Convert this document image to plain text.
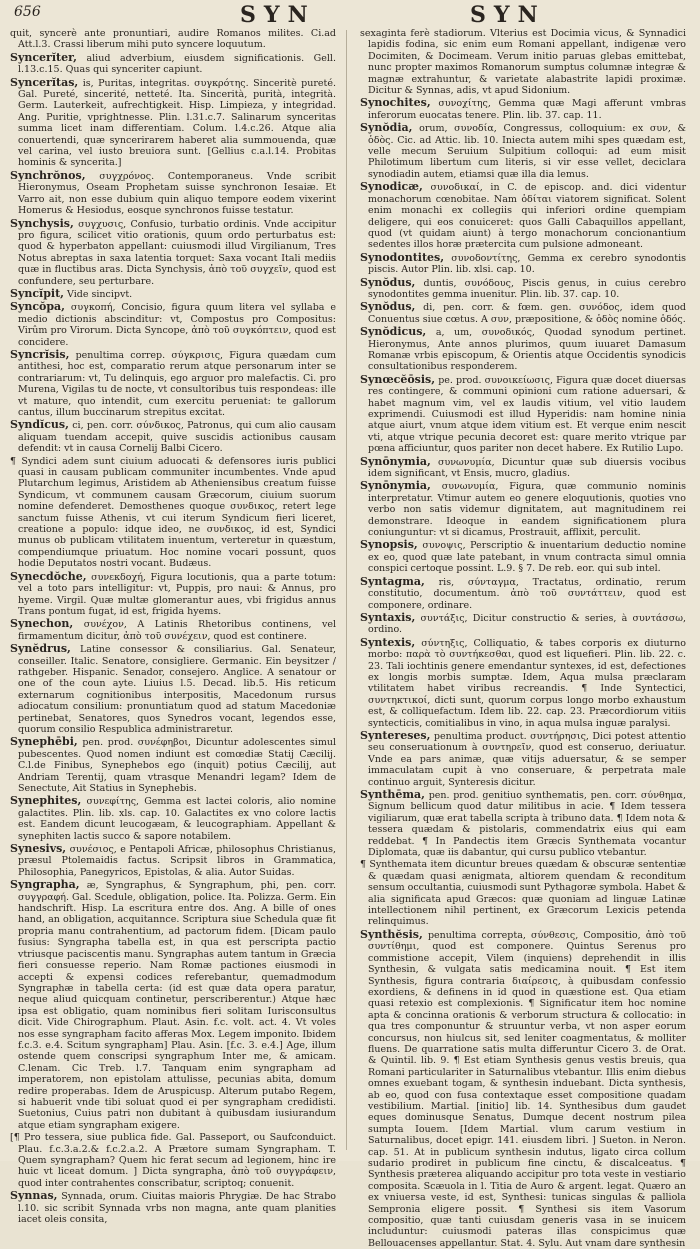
656	SYN	SYN

quit, syncerè ante pronuntiari, audire Romanos milites. Ci.ad Att.l.3. Crassi liberum mihi puto syncere loquutum.

Syncerĭter, aliud adverbium, eiusdem significationis. Gell. l.13.c.15. Quas qui synceriter capiunt.

Syncerĭtas, is, Puritas, integritas. συγκρότης. Sinceritè pureté. Gal. Pureté, sincerité, netteté. Ita. Sincerità, purità, integrità. Germ. Lauterkeit, aufrechtigkeit. Hisp. Limpieza, y integridad. Ang. Puritie, vprightnesse. Plin. l.31.c.7. Salinarum synceritas summa licet inam differentiam. Colum. l.4.c.26. Atque alia conuertendi, quæ syncerirarem haberet alia summouenda, quæ vel carina, vel iusto breuiora sunt. [Gellius c.a.l.14. Probitas hominis & syncerita.]

Synchrŏnos, συγχρόνος. Contemporaneus. Vnde scribit Hieronymus, Oseam Prophetam suisse synchronon Iesaiæ. Et Varro ait, non esse dubium quin aliquo tempore eodem vixerint Homerus & Hesiodus, eosque synchronos fuisse testatur.

Synchysis, συγχυσις, Confusio, turbatio ordinis. Vnde accipitur pro figura, scilicet vitio orationis, quum ordo perturbatus est: quod & hyperbaton appellant: cuiusmodi illud Virgilianum, Tres Notus abreptas in saxa latentia torquet: Saxa vocant Itali mediis quæ in fluctibus aras. Dicta Synchysis, ἀπὸ τοῦ συγχεῖν, quod est confundere, seu perturbare.

Syncĭpit, Vide sincipvt.

Syncŏpa, συγκοπή, Concisio, figura quum litera vel syllaba e medio dictionis abscinditur: vt, Compostus pro Compositus: Virûm pro Virorum. Dicta Syncope, ἀπὸ τοῦ συγκόπτειν, quod est concidere.

Syncrĭsis, penultima correp. σύγκρισις, Figura quædam cum antithesi, hoc est, comparatio rerum atque personarum inter se contrariarum: vt, Tu delinquis, ego arguor pro malefactis. Ci. pro Murena, Vigilas tu de nocte, vt consultoribus tuis respondeas: ille vt mature, quo intendit, cum exercitu perueniat: te gallorum cantus, illum buccinarum strepitus excitat.

Syndĭcus, ci, pen. corr. σύνδικος, Patronus, qui cum alio causam aliquam tuendam accepit, quive suscidis actionibus causam defendit: vt in causa Cornelij Balbi Cicero.

¶ Syndici adem sunt ciuium aduocati & defensores iuris publici quasi in causam publicam communiter incumbentes. Vnde apud Plutarchum legimus, Aristidem ab Atheniensibus creatum fuisse Syndicum, vt communem causam Græcorum, ciuium suorum nomine defenderet. Demosthenes quoque συνδικος, retert lege sanctum fuisse Athenis, vt cui iterum Syndicum fieri liceret, creatione a populo: idque ideo, ne συνδικος, id est, Syndici munus ob publicam vtilitatem inuentum, verteretur in quæstum, compendiumque priuatum. Hoc nomine vocari possunt, quos hodie Deputatos nostri vocant. Budæus.

Synecdŏche, συνεκδοχή, Figura locutionis, qua a parte totum: vel a toto pars intelligitur: vt, Puppis, pro naui: & Annus, pro hyeme. Virgil. Quæ multæ glomerantur aues, vbi frigidus annus Trans pontum fugat, id est, frigida hyems.

Synechon, συνέχον, A Latinis Rhetoribus continens, vel firmamentum dicitur, ἀπὸ τοῦ συνέχειν, quod est continere.

Synĕdrus, Latine consessor & consiliarius. Gal. Senateur, conseiller. Italic. Senatore, consigliere. Germanic. Ein beysitzer / rathgeber. Hispanic. Senador, consejero. Anglice. A senatour or one of the coun ayte. Liuius l.5. Decad. lib.5. His reticum externarum cognitionibus interpositis, Macedonum rursus adiocatum consilium: pronuntiatum quod ad statum Macedoniæ pertinebat, Senatores, quos Synedros vocant, legendos esse, quorum consilio Respublica administraretur.

Synephēbi, pen. prod. συνέφηβοι, Dicuntur adolescentes simul pubescentes. Quod nomen indiunt est comœdiæ Statij Cæcilij. C.l.de Finibus, Synephebos ego (inquit) potius Cæcilij, aut Andriam Terentij, quam vtrasque Menandri legam? Idem de Senectute, Ait Statius in Synephebis.

Synephites, συνεφίτης, Gemma est lactei coloris, alio nomine galactites. Plin. lib. xls. cap. 10. Galactites ex vno colore lactis est. Eandem dicunt leucogæam, & leucographiam. Appellant & synephiten lactis succo & sapore notabilem.

Synesivs, συνέσιος, e Pentapoli Africæ, philosophus Christianus, præsul Ptolemaidis factus. Scripsit libros in Grammatica, Philosophia, Panegyricos, Epistolas, & alia. Autor Suidas.

Syngrapha, æ, Syngraphus, & Syngraphum, phi, pen. corr. συγγραφή. Gal. Scedule, obligation, police. Ita. Polizza. Germ. Ein handschrift. Hisp. La escritura entre dos. Ang. A bille of ones hand, an obligation, acquitannce. Scriptura siue Schedula quæ fit propria manu contrahentium, ad pactorum fidem. [Dicam paulo fusius: Syngrapha tabella est, in qua est perscripta pactio vtriusque paciscentis manu. Syngraphas autem tantum in Græcia fieri consuesse reperio. Nam Romæ pactiones eiusmodi in accepti & expensi codices referebantur, quemadmodum Syngraphæ in tabella certa: (id est quæ data opera paratur, neque aliud quicquam continetur, perscriberentur.) Atque hæc ipsa est obligatio, quam nominibus fieri solitam Iurisconsultus dicit. Vide Chirographum. Plaut. Asin. f.c. volt. act. 4. Vt voles nos esse syngrapham facito afferas Mox. Legem imponito. Ibidem f.c.3. e.4. Scitum syngrapham] Plau. Asin. [f.c. 3. e.4.] Age, illum ostende quem conscripsi syngraphum Inter me, & amicam. C.lenam. Cic Treb. l.7. Tanquam enim syngrapham ad imperatorem, non epistolam attulisse, pecunias abita, domum redire properabas. Idem de Aruspicusp. Alterum putabo Regem, si habuerit vnde tibi soluat quod ei per syngrapham credidisti. Suetonius, Cuius patri non dubitant à quibusdam iusiurandum atque etiam syngrapham exigere.

[¶ Pro tessera, siue publica fide. Gal. Passeport, ou Saufconduict. Plau. f.c.3.a.2.& f.c.2.a.2. A Prætore sumam Syngrapham. T. Quem syngrapham? Quem hic ferat secum ad legionem, hinc ire huic vt liceat domum. ] Dicta syngrapha, ἀπὸ τοῦ συγγράφειν, quod inter contrahentes conscribatur, scriptoq; conuenit.

Synnas, Synnada, orum. Ciuitas maioris Phrygiæ. De hac Strabo l.10. sic scribit Synnada vrbs non magna, ante quam planities iacet oleis consita,

sexaginta ferè stadiorum. Vlterius est Docimia vicus, & Synnadici lapidis fodina, sic enim eum Romani appellant, indigenæ vero Docimiten, & Docimeam. Verum initio paruas glebas emittebat, nunc propter maximos Romanorum sumptus columnæ integræ & magnæ extrahuntur, & varietate alabastrite lapidi proximæ. Dicitur & Synnas, adis, vt apud Sidonium.

Synochites, συνοχίτης, Gemma quæ Magi afferunt vmbras inferorum euocatas tenere. Plin. lib. 37. cap. 11.

Synŏdia, orum, συνοδία, Congressus, colloquium: ex συν, & ὁδὸς. Cic. ad Attic. lib. 10. Iniecta autem mihi spes quædam est, velle mecum Seruium Sulpitium colloqui: ad eum misit Philotimum libertum cum literis, si vir esse vellet, deciclara synodiadin autem, etiamsi quæ illa dia lemus.

Synodicæ, συνοδικαί, in C. de episcop. and. dici videntur monachorum cœnobitae. Nam ὁδίται viatorem significat. Solent enim monachi ex collegiis qui inferiori ordine quempiam deligere, qui eos conuiceret: quos Galli Cabaquillos appellant, quod (vt quidam aiunt) à tergo monachorum concionantium sedentes illos horæ prætercita cum pulsione admoneant.

Synodontites, συνοδοντίτης, Gemma ex cerebro synodontis piscis. Autor Plin. lib. xlsi. cap. 10.

Synŏdus, duntis, συνόδους, Piscis genus, in cuius cerebro synodontites gemma inuenitur. Plin. lib. 37. cap. 10.

Synŏdus, di, pen. corr. & fœm. gen. συνόδος, idem quod Conuentus siue cœtus. A συν, præpositione, & ὁδὸς nomine ὁδός.

Synŏdicus, a, um, συνοδικός, Quodad synodum pertinet. Hieronymus, Ante annos plurimos, quum iuuaret Damasum Romanæ vrbis episcopum, & Orientis atque Occidentis synodicis consultationibus responderem.

Synœcĕōsis, pe. prod. συνοικείωσις, Figura quæ docet diuersas res contingere, & communi opinioni cum ratione aduersari, & habet magnum vim, vel ex laudis vitium, vel vitio laudem exprimendi. Cuiusmodi est illud Hyperidis: nam homine ninia atque aiurt, vnum atque idem vitium est. Et verque enim nescit vti, atque vtrique pecunia decoret est: quare merito vtrique par pœna afficiuntur, quos pariter non decet habere. Ex Rutilio Lupo.

Synōnymia, συνωνυμία, Dicuntur quæ sub diuersis vocibus idem significant, vt Ensis, mucro, gladius.

Synōnymia, συνωνυμία, Figura, quæ communio nominis interpretatur. Vtimur autem eo genere eloquutionis, quoties vno verbo non satis videmur dignitatem, aut magnitudinem rei demonstrare. Ideoque in eandem significationem plura coniunguntur: vt si dicamus, Prostrauit, afflixit, perculit.

Synopsis, συνοψις, Perscriptio & inuentarium deductio nomine ex eo, quod quæ late patebant, in vnum contracta simul omnia conspici certoque possint. L.9. § 7. De reb. eor. qui sub intel.

Syntagma, ris, σύνταγμα, Tractatus, ordinatio, rerum constitutio, documentum. ἀπὸ τοῦ συντάττειν, quod est componere, ordinare.

Syntaxis, συντάξις, Dicitur constructio & series, à συντάσσω, ordino.

Syntexis, σύντηξις, Colliquatio, & tabes corporis ex diuturno morbo: παρὰ τὸ συντήκεσθαι, quod est liquefieri. Plin. lib. 22. c. 23. Tali iochtinis genere emendantur syntexes, id est, defectiones ex longis morbis sumptæ. Idem, Aqua mulsa præclaram vtilitatem habet viribus recreandis. ¶ Inde Syntectici, συντηκτικοί, dicti sunt, quorum corpus longo morbo exhaustum est, & colliquefactum. Idem lib. 22. cap. 23. Præcordiorum vitiis syntecticis, comitialibus in vino, in aqua mulsa inguæ paralysi.

Syntereses, penultima product. συντήρησις, Dici potest attentio seu conseruationum à συντηρεῖν, quod est conseruo, deriuatur. Vnde ea pars animæ, quæ vitijs aduersatur, & se semper immaculatam cupit à vno conseruare, & perpetrata male continuo arguit, Synteresis dicitur.

Synthēma, pen. prod. genitiuo synthematis, pen. corr. σύνθημα, Signum bellicum quod datur militibus in acie. ¶ Idem tessera vigiliarum, quæ erat tabella scripta à tribuno data. ¶ Idem nota & tessera quædam & pistolaris, commendatrix eius qui eam reddebat. ¶ In Pandectis item Græcis Synthemata vocantur Diplomata, quæ iis dabantur, qui cursu publico vtebantur.

¶ Synthemata item dicuntur breues quædam & obscuræ sententiæ & quædam quasi ænigmata, altiorem quendam & reconditum sensum occultantia, cuiusmodi sunt Pythagoræ symbola. Habet & alia significata apud Græcos: quæ quoniam ad linguæ Latinæ intellectionem nihil pertinent, ex Græcorum Lexicis petenda relinquimus.

Synthĕsis, penultima correpta, σύνθεσις, Compositio, ἀπὸ τοῦ συντίθημι, quod est componere. Quintus Serenus pro commistione accepit, Vilem (inquiens) deprehendit in illis Synthesin, & vulgata satis medicamina nouit. ¶ Est item Synthesis, figura contraria διαίρεσις, à quibusdam confessio exordiens, & definens in id quod in quæstione est. Qua etiam quasi retexio est complexionis. ¶ Significatur item hoc nomine apta & concinna orationis & verborum structura & collocatio: in qua tres componuntur & struuntur verba, vt non asper eorum concursus, non hiulcus sit, sed leniter coagmentatus, & molliter fluens. De quarratione satis multa differuntur Cicero 3. de Orat. & Quintil. lib. 9. ¶ Est etiam Synthesis genus vestis breuis, qua Romani particulariter in Saturnalibus vtebantur. Illis enim diebus omnes exuebant togam, & synthesin induebant. Dicta synthesis, ab eo, quod con fusa contextaque esset compositione quadam vestibilium. Martial. [initio] lib. 14. Synthesibus dum gaudet eques dominusque Senatus, Dumque decent nostrum pilea sumpta Iouem. [Idem Martial. vlum carum vestium in Saturnalibus, docet epigr. 141. eiusdem libri. ] Sueton. in Neron. cap. 51. At in publicum synthesin indutus, ligato circa collum sudario prodiret in publicum fine cinctu, & discalceatus. ¶ Synthesis præterea aliquando accipitur pro tota veste in vestiario composita. Scæuola in l. Titia de Auro & argent. legat. Quæro an ex vniuersa veste, id est, Synthesi: tunicas singulas & palliola Sempronia eligere possit. ¶ Synthesi sis item Vasorum compositio, quæ tanti cuiusdam generis vasa in se inuicem includuntur: cuiusmodi pateras illas conspicimus quæ Bellouacenses appellantur. Stat. 4. Sylu. Aut vnam dare synthesin
